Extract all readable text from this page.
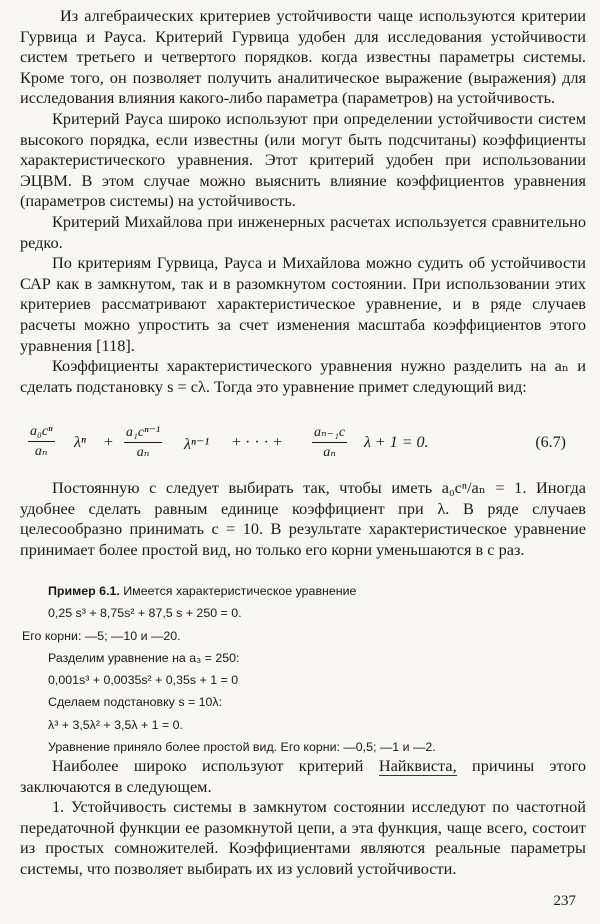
Из алгебраических критериев устойчивости чаще используются критерии Гурвица и Рауса. Критерий Гурвица удобен для исследования устойчивости систем третьего и четвертого порядков. когда известны параметры системы. Кроме того, он позволяет получить аналитическое выражение (выражения) для исследования влияния какого-либо параметра (параметров) на устойчивость.

Критерий Рауса широко используют при определении устойчивости систем высокого порядка, если известны (или могут быть подсчитаны) коэффициенты характеристического уравнения. Этот критерий удобен при использовании ЭЦВМ. В этом случае можно выяснить влияние коэффициентов уравнения (параметров системы) на устойчивость.

Критерий Михайлова при инженерных расчетах используется сравнительно редко.

По критериям Гурвица, Рауса и Михайлова можно судить об устойчивости САР как в замкнутом, так и в разомкнутом состоянии. При использовании этих критериев рассматривают характеристическое уравнение, и в ряде случаев расчеты можно упростить за счет изменения масштаба коэффициентов этого уравнения [118].

Коэффициенты характеристического уравнения нужно разделить на aₙ и сделать подстановку s = cλ. Тогда это уравнение примет следующий вид:

$\frac{\text{a₀cⁿ}}{\text{aₙ}}$ $\lambda^n + \frac{\text{a₁cⁿ⁻¹}}{\text{aₙ}} \lambda^{n-1}$ + · · · + $\frac{\text{aₙ₋₁c}}{\text{aₙ}}$ λ + 1 = 0.	(6.7)

Постоянную c следует выбирать так, чтобы иметь a₀cⁿ/aₙ = 1. Иногда удобнее сделать равным единице коэффициент при λ. В ряде случаев целесообразно принимать c = 10. В результате характеристическое уравнение принимает более простой вид, но только его корни уменьшаются в c раз.

Пример 6.1. Имеется характеристическое уравнение
0,25 s³ + 8,75s² + 87,5 s + 250 = 0.
Его корни: —5; —10 и —20.
Разделим уравнение на a₃ = 250:
0,001s³ + 0,0035s² + 0,35s + 1 = 0
Сделаем подстановку s = 10λ:
λ³ + 3,5λ² + 3,5λ + 1 = 0.
Уравнение приняло более простой вид. Его корни: —0,5; —1 и —2.

Наиболее широко используют критерий Найквиста, причины этого заключаются в следующем.

1. Устойчивость системы в замкнутом состоянии исследуют по частотной передаточной функции ее разомкнутой цепи, а эта функция, чаще всего, состоит из простых сомножителей. Коэффициентами являются реальные параметры системы, что позволяет выбирать их из условий устойчивости.

237
